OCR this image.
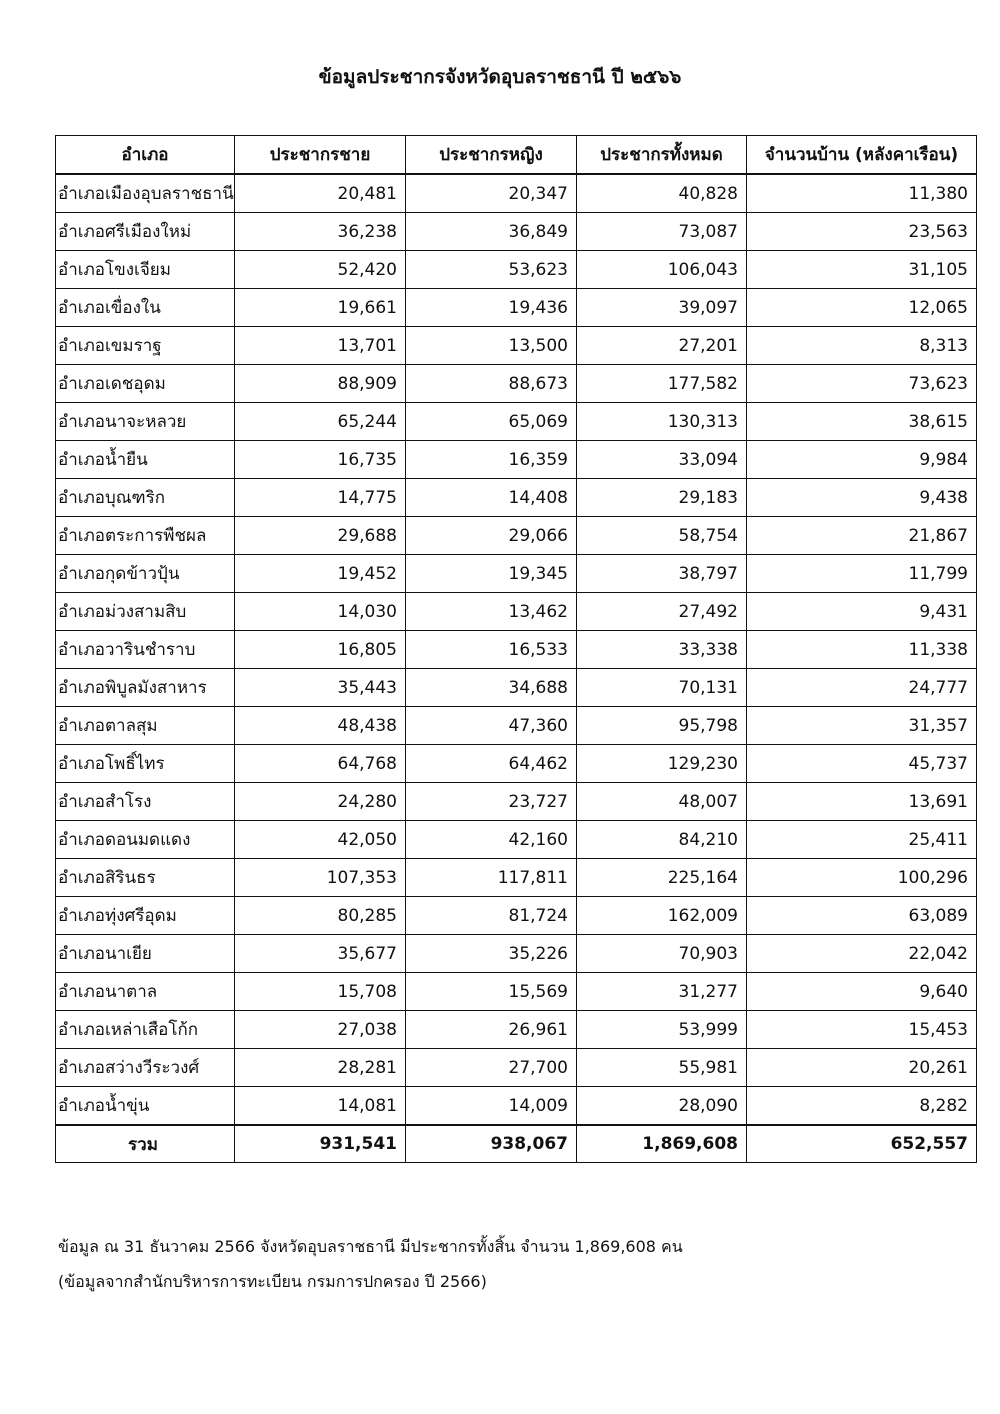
ข้อมูลประชากรจังหวัดอุบลราชธานี ปี ๒๕๖๖
อำเภอ	ประชากรชาย	ประชากรหญิง	ประชากรทั้งหมด	จำนวนบ้าน (หลังคาเรือน)
อำเภอเมืองอุบลราชธานี	20,481	20,347	40,828	11,380
อำเภอศรีเมืองใหม่	36,238	36,849	73,087	23,563
อำเภอโขงเจียม	52,420	53,623	106,043	31,105
อำเภอเขื่องใน	19,661	19,436	39,097	12,065
อำเภอเขมราฐ	13,701	13,500	27,201	8,313
อำเภอเดชอุดม	88,909	88,673	177,582	73,623
อำเภอนาจะหลวย	65,244	65,069	130,313	38,615
อำเภอน้ำยืน	16,735	16,359	33,094	9,984
อำเภอบุณฑริก	14,775	14,408	29,183	9,438
อำเภอตระการพืชผล	29,688	29,066	58,754	21,867
อำเภอกุดข้าวปุ้น	19,452	19,345	38,797	11,799
อำเภอม่วงสามสิบ	14,030	13,462	27,492	9,431
อำเภอวารินชำราบ	16,805	16,533	33,338	11,338
อำเภอพิบูลมังสาหาร	35,443	34,688	70,131	24,777
อำเภอตาลสุม	48,438	47,360	95,798	31,357
อำเภอโพธิ์ไทร	64,768	64,462	129,230	45,737
อำเภอสำโรง	24,280	23,727	48,007	13,691
อำเภอดอนมดแดง	42,050	42,160	84,210	25,411
อำเภอสิรินธร	107,353	117,811	225,164	100,296
อำเภอทุ่งศรีอุดม	80,285	81,724	162,009	63,089
อำเภอนาเยีย	35,677	35,226	70,903	22,042
อำเภอนาตาล	15,708	15,569	31,277	9,640
อำเภอเหล่าเสือโก้ก	27,038	26,961	53,999	15,453
อำเภอสว่างวีระวงศ์	28,281	27,700	55,981	20,261
อำเภอน้ำขุ่น	14,081	14,009	28,090	8,282
รวม	931,541	938,067	1,869,608	652,557
ข้อมูล ณ 31 ธันวาคม 2566 จังหวัดอุบลราชธานี มีประชากรทั้งสิ้น จำนวน 1,869,608 คน
(ข้อมูลจากสำนักบริหารการทะเบียน กรมการปกครอง ปี 2566)
